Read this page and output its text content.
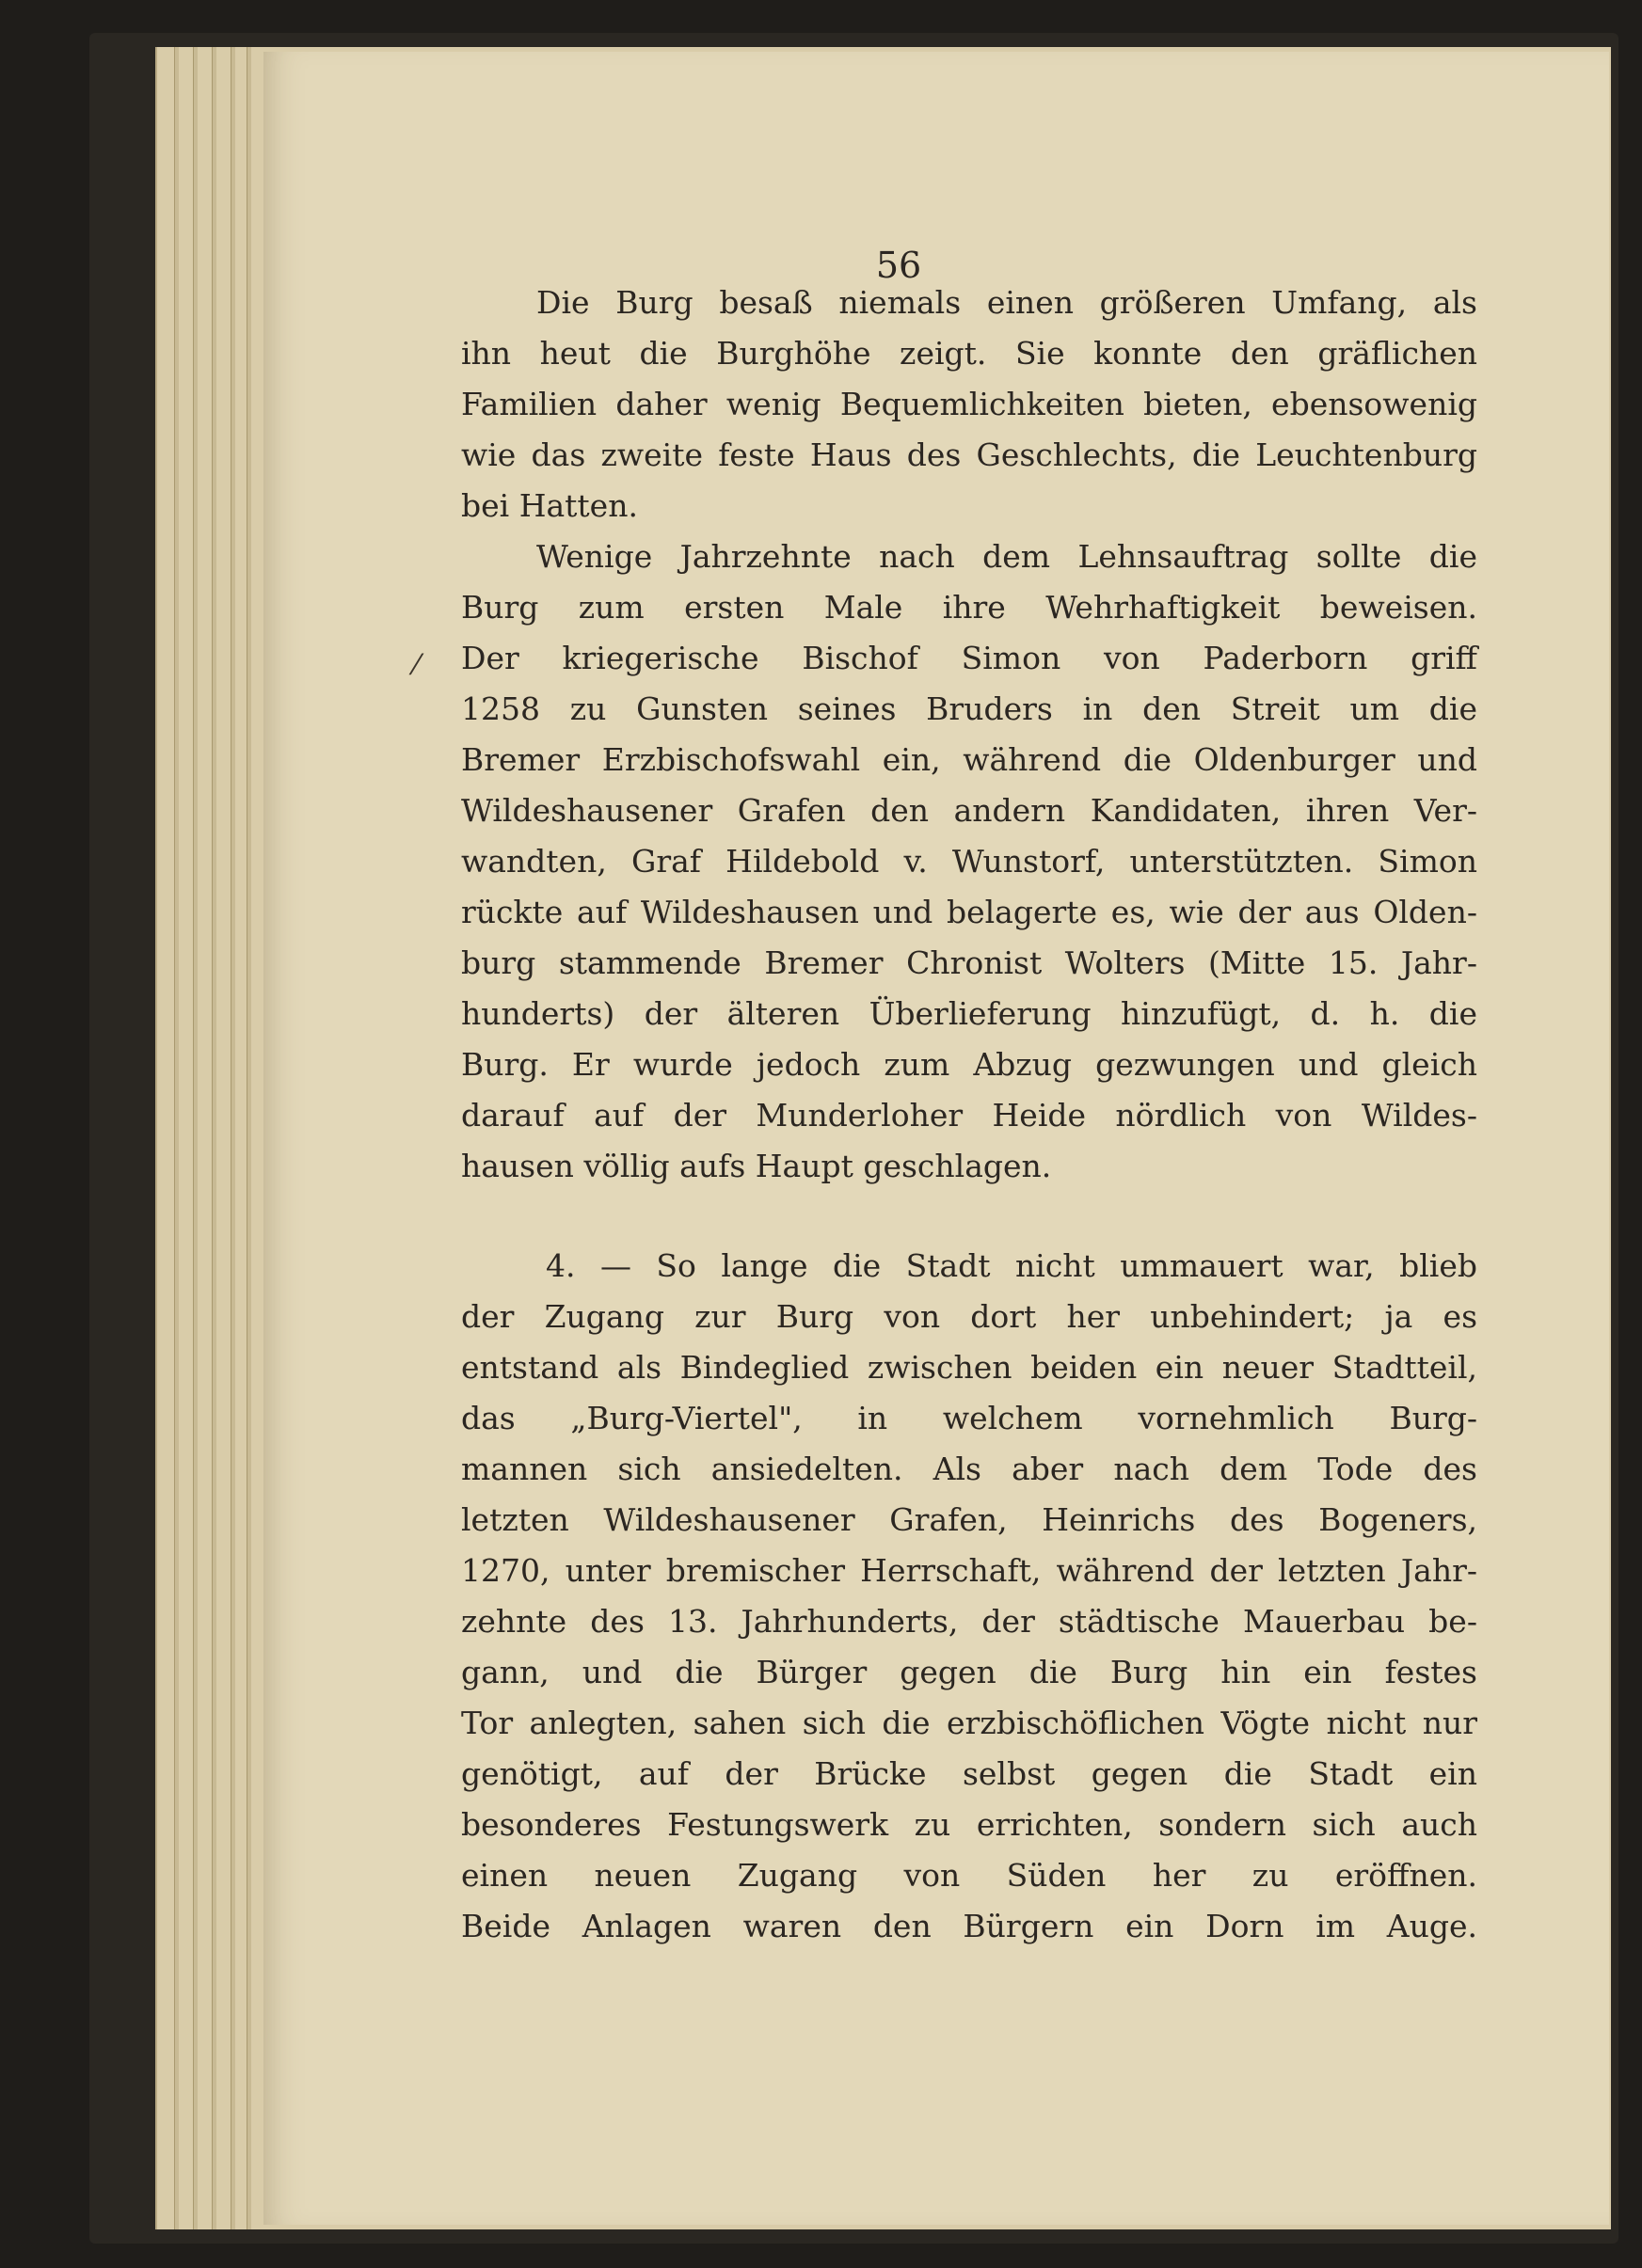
56
⁄
Die Burg besaß niemals einen größeren Umfang, als
ihn heut die Burghöhe zeigt. Sie konnte den gräflichen
Familien daher wenig Bequemlichkeiten bieten, ebensowenig
wie das zweite feste Haus des Geschlechts, die Leuchtenburg
bei Hatten.
Wenige Jahrzehnte nach dem Lehnsauftrag sollte die
Burg zum ersten Male ihre Wehrhaftigkeit beweisen.
Der kriegerische Bischof Simon von Paderborn griff
1258 zu Gunsten seines Bruders in den Streit um die
Bremer Erzbischofswahl ein, während die Oldenburger und
Wildeshausener Grafen den andern Kandidaten, ihren Ver-
wandten, Graf Hildebold v. Wunstorf, unterstützten. Simon
rückte auf Wildeshausen und belagerte es, wie der aus Olden-
burg stammende Bremer Chronist Wolters (Mitte 15. Jahr-
hunderts) der älteren Überlieferung hinzufügt, d. h. die
Burg. Er wurde jedoch zum Abzug gezwungen und gleich
darauf auf der Munderloher Heide nördlich von Wildes-
hausen völlig aufs Haupt geschlagen.
4. — So lange die Stadt nicht ummauert war, blieb
der Zugang zur Burg von dort her unbehindert; ja es
entstand als Bindeglied zwischen beiden ein neuer Stadtteil,
das „Burg-Viertel", in welchem vornehmlich Burg-
mannen sich ansiedelten. Als aber nach dem Tode des
letzten Wildeshausener Grafen, Heinrichs des Bogeners,
1270, unter bremischer Herrschaft, während der letzten Jahr-
zehnte des 13. Jahrhunderts, der städtische Mauerbau be-
gann, und die Bürger gegen die Burg hin ein festes
Tor anlegten, sahen sich die erzbischöflichen Vögte nicht nur
genötigt, auf der Brücke selbst gegen die Stadt ein
besonderes Festungswerk zu errichten, sondern sich auch
einen neuen Zugang von Süden her zu eröffnen.
Beide Anlagen waren den Bürgern ein Dorn im Auge.
